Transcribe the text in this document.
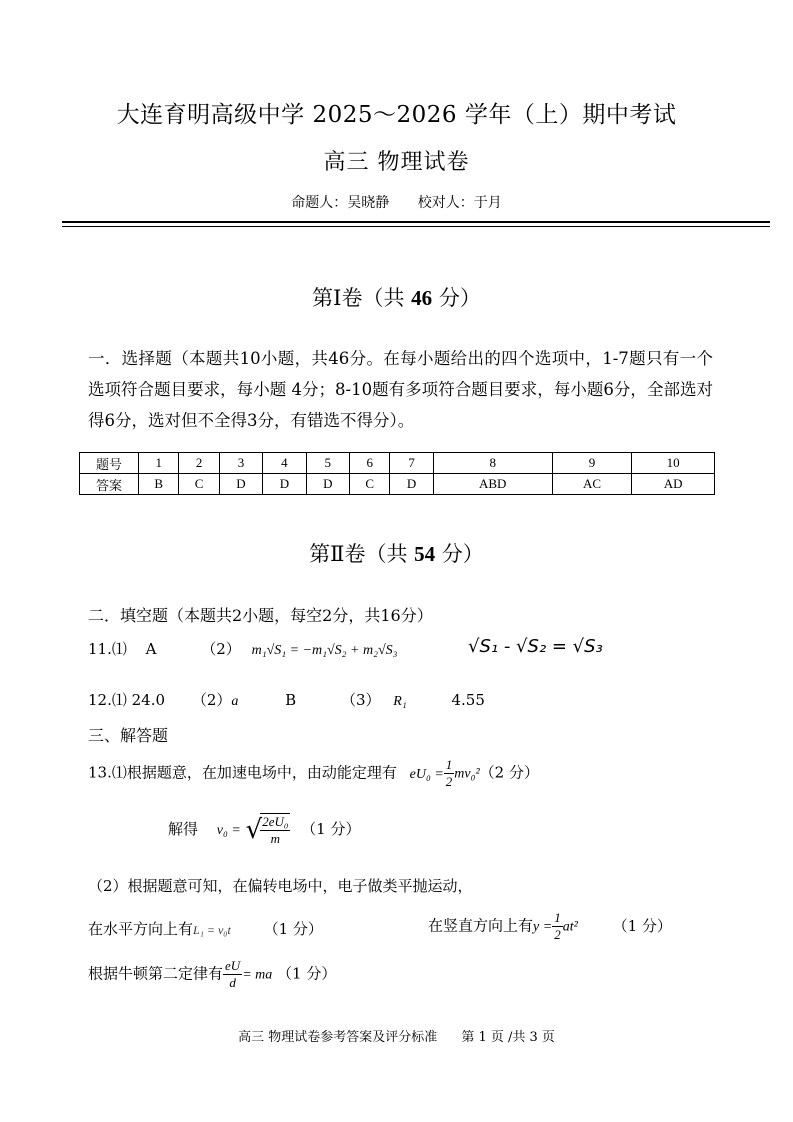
大连育明高级中学 2025～2026 学年（上）期中考试
高三 物理试卷
命题人：吴晓静 校对人：于月
第Ⅰ卷（共 46 分）
一．选择题（本题共10小题，共46分。在每小题给出的四个选项中，1-7题只有一个选项符合题目要求，每小题 4分；8-10题有多项符合题目要求，每小题6分，全部选对得6分，选对但不全得3分，有错选不得分）。
题号	1	2	3	4	5	6	7	8	9	10
答案	B	C	D	D	D	C	D	ABD	AC	AD
第Ⅱ卷（共 54 分）
二．填空题（本题共2小题，每空2分，共16分）
11.⑴ A	（2） m₁√S₁ = −m₁√S₂ + m₂√S₃	√S₁ - √S₂ = √S₃
12.⑴ 24.0 （2）a	B	（3） R₁	4.55
三、解答题
13.⑴根据题意，在加速电场中，由动能定理有 $eU_0 = \frac{1}{2} mv_0^2(2$ 分）
解得 v₀ = √
$\frac{\text{2eU₀}}{m} (1$ 分）
（2）根据题意可知，在偏转电场中，电子做类平抛运动，
在水平方向上有L₁ = v₀t （1 分）	在竖直方向上有$y = \frac{1}{2} at^2$ （1 分）
根据牛顿第二定律有 $\frac{eU}{d}$ = ma （1 分）
高三 物理试卷参考答案及评分标准 第 1 页 /共 3 页
